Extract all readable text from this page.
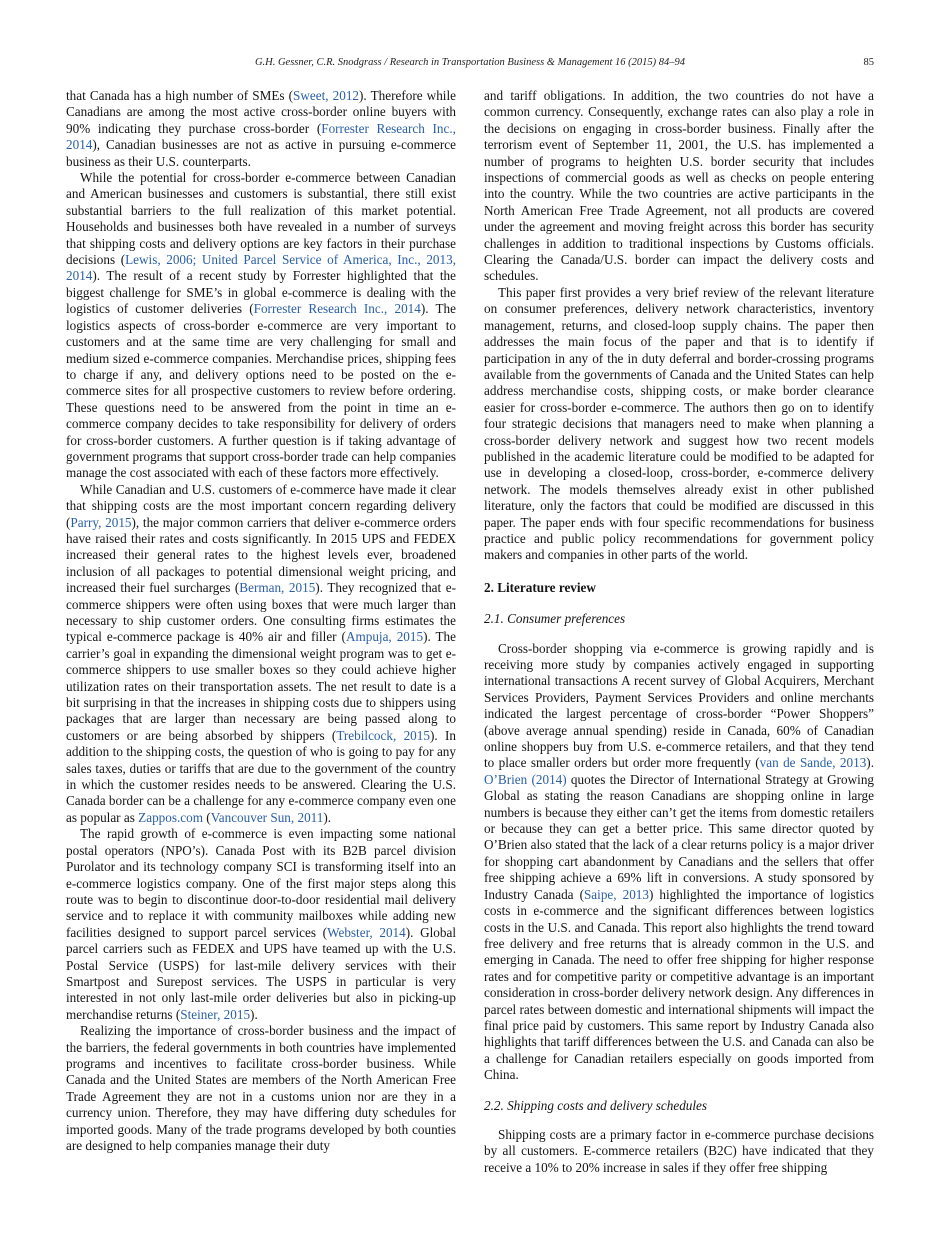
G.H. Gessner, C.R. Snodgrass / Research in Transportation Business & Management 16 (2015) 84–94	85

that Canada has a high number of SMEs (Sweet, 2012). Therefore while Canadians are among the most active cross-border online buyers with 90% indicating they purchase cross-border (Forrester Research Inc., 2014), Canadian businesses are not as active in pursuing e-commerce business as their U.S. counterparts.

While the potential for cross-border e-commerce between Canadian and American businesses and customers is substantial, there still exist substantial barriers to the full realization of this market potential. Households and businesses both have revealed in a number of surveys that shipping costs and delivery options are key factors in their purchase decisions (Lewis, 2006; United Parcel Service of America, Inc., 2013, 2014). The result of a recent study by Forrester highlighted that the biggest challenge for SME’s in global e-commerce is dealing with the logistics of customer deliveries (Forrester Research Inc., 2014). The logistics aspects of cross-border e-commerce are very important to customers and at the same time are very challenging for small and medium sized e-commerce companies. Merchandise prices, shipping fees to charge if any, and delivery options need to be posted on the e-commerce sites for all prospective customers to review before ordering. These questions need to be answered from the point in time an e-commerce company decides to take responsibility for delivery of orders for cross-border customers. A further question is if taking advantage of government programs that support cross-border trade can help companies manage the cost associated with each of these factors more effectively.

While Canadian and U.S. customers of e-commerce have made it clear that shipping costs are the most important concern regarding delivery (Parry, 2015), the major common carriers that deliver e-commerce orders have raised their rates and costs significantly. In 2015 UPS and FEDEX increased their general rates to the highest levels ever, broadened inclusion of all packages to potential dimensional weight pricing, and increased their fuel surcharges (Berman, 2015). They recognized that e-commerce shippers were often using boxes that were much larger than necessary to ship customer orders. One consulting firms estimates the typical e-commerce package is 40% air and filler (Ampuja, 2015). The carrier’s goal in expanding the dimensional weight program was to get e-commerce shippers to use smaller boxes so they could achieve higher utilization rates on their transportation assets. The net result to date is a bit surprising in that the increases in shipping costs due to shippers using packages that are larger than necessary are being passed along to customers or are being absorbed by shippers (Trebilcock, 2015). In addition to the shipping costs, the question of who is going to pay for any sales taxes, duties or tariffs that are due to the government of the country in which the customer resides needs to be answered. Clearing the U.S. Canada border can be a challenge for any e-commerce company even one as popular as Zappos.com (Vancouver Sun, 2011).

The rapid growth of e-commerce is even impacting some national postal operators (NPO’s). Canada Post with its B2B parcel division Purolator and its technology company SCI is transforming itself into an e-commerce logistics company. One of the first major steps along this route was to begin to discontinue door-to-door residential mail delivery service and to replace it with community mailboxes while adding new facilities designed to support parcel services (Webster, 2014). Global parcel carriers such as FEDEX and UPS have teamed up with the U.S. Postal Service (USPS) for last-mile delivery services with their Smartpost and Surepost services. The USPS in particular is very interested in not only last-mile order deliveries but also in picking-up merchandise returns (Steiner, 2015).

Realizing the importance of cross-border business and the impact of the barriers, the federal governments in both countries have implemented programs and incentives to facilitate cross-border business. While Canada and the United States are members of the North American Free Trade Agreement they are not in a customs union nor are they in a currency union. Therefore, they may have differing duty schedules for imported goods. Many of the trade programs developed by both counties are designed to help companies manage their duty

and tariff obligations. In addition, the two countries do not have a common currency. Consequently, exchange rates can also play a role in the decisions on engaging in cross-border business. Finally after the terrorism event of September 11, 2001, the U.S. has implemented a number of programs to heighten U.S. border security that includes inspections of commercial goods as well as checks on people entering into the country. While the two countries are active participants in the North American Free Trade Agreement, not all products are covered under the agreement and moving freight across this border has security challenges in addition to traditional inspections by Customs officials. Clearing the Canada/U.S. border can impact the delivery costs and schedules.

This paper first provides a very brief review of the relevant literature on consumer preferences, delivery network characteristics, inventory management, returns, and closed-loop supply chains. The paper then addresses the main focus of the paper and that is to identify if participation in any of the in duty deferral and border-crossing programs available from the governments of Canada and the United States can help address merchandise costs, shipping costs, or make border clearance easier for cross-border e-commerce. The authors then go on to identify four strategic decisions that managers need to make when planning a cross-border delivery network and suggest how two recent models published in the academic literature could be modified to be adapted for use in developing a closed-loop, cross-border, e-commerce delivery network. The models themselves already exist in other published literature, only the factors that could be modified are discussed in this paper. The paper ends with four specific recommendations for business practice and public policy recommendations for government policy makers and companies in other parts of the world.

2. Literature review
2.1. Consumer preferences

Cross-border shopping via e-commerce is growing rapidly and is receiving more study by companies actively engaged in supporting international transactions A recent survey of Global Acquirers, Merchant Services Providers, Payment Services Providers and online merchants indicated the largest percentage of cross-border “Power Shoppers” (above average annual spending) reside in Canada, 60% of Canadian online shoppers buy from U.S. e-commerce retailers, and that they tend to place smaller orders but order more frequently (van de Sande, 2013). O’Brien (2014) quotes the Director of International Strategy at Growing Global as stating the reason Canadians are shopping online in large numbers is because they either can’t get the items from domestic retailers or because they can get a better price. This same director quoted by O’Brien also stated that the lack of a clear returns policy is a major driver for shopping cart abandonment by Canadians and the sellers that offer free shipping achieve a 69% lift in conversions. A study sponsored by Industry Canada (Saipe, 2013) highlighted the importance of logistics costs in e-commerce and the significant differences between logistics costs in the U.S. and Canada. This report also highlights the trend toward free delivery and free returns that is already common in the U.S. and emerging in Canada. The need to offer free shipping for higher response rates and for competitive parity or competitive advantage is an important consideration in cross-border delivery network design. Any differences in parcel rates between domestic and international shipments will impact the final price paid by customers. This same report by Industry Canada also highlights that tariff differences between the U.S. and Canada can also be a challenge for Canadian retailers especially on goods imported from China.

2.2. Shipping costs and delivery schedules

Shipping costs are a primary factor in e-commerce purchase decisions by all customers. E-commerce retailers (B2C) have indicated that they receive a 10% to 20% increase in sales if they offer free shipping
